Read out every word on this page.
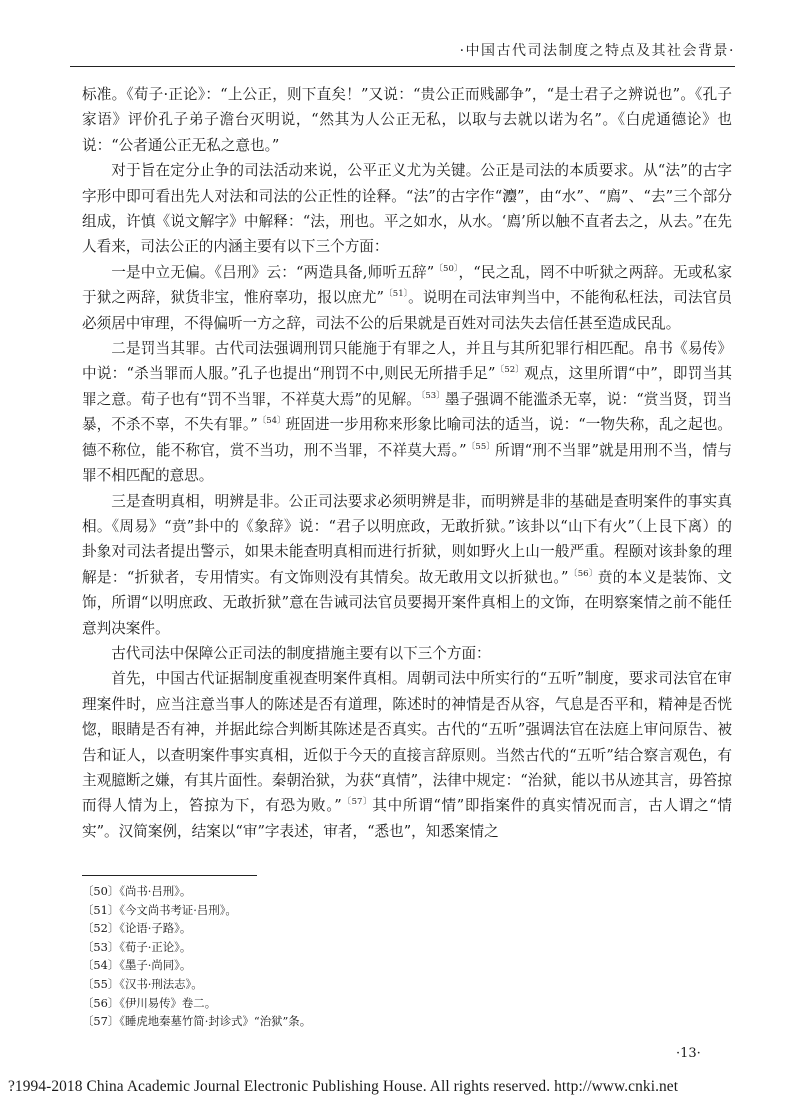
·中国古代司法制度之特点及其社会背景·

标准。《荀子·正论》：“上公正，则下直矣！”又说：“贵公正而贱鄙争”，“是士君子之辨说也”。《孔子家语》评价孔子弟子澹台灭明说，“然其为人公正无私，以取与去就以诺为名”。《白虎通德论》也说：“公者通公正无私之意也。”

对于旨在定分止争的司法活动来说，公平正义尤为关键。公正是司法的本质要求。从“法”的古字字形中即可看出先人对法和司法的公正性的诠释。“法”的古字作“灋”，由“水”、“廌”、“去”三个部分组成，许慎《说文解字》中解释：“法，刑也。平之如水，从水。‘廌’所以触不直者去之，从去。”在先人看来，司法公正的内涵主要有以下三个方面：

一是中立无偏。《吕刑》云：“两造具备,师听五辞”$^{〔50〕}$，“民之乱，罔不中听狱之两辞。无或私家于狱之两辞，狱货非宝，惟府辜功，报以庶尤”$^{〔51〕}$。说明在司法审判当中，不能徇私枉法，司法官员必须居中审理，不得偏听一方之辞，司法不公的后果就是百姓对司法失去信任甚至造成民乱。

二是罚当其罪。古代司法强调刑罚只能施于有罪之人，并且与其所犯罪行相匹配。帛书《易传》中说：“杀当罪而人服。”孔子也提出“刑罚不中,则民无所措手足”$^{〔52〕}$观点，这里所谓“中”，即罚当其罪之意。荀子也有“罚不当罪，不祥莫大焉”的见解。$^{〔53〕}$墨子强调不能滥杀无辜，说：“赏当贤，罚当暴，不杀不辜，不失有罪。”$^{〔54〕}$班固进一步用称来形象比喻司法的适当，说：“一物失称，乱之起也。德不称位，能不称官，赏不当功，刑不当罪，不祥莫大焉。”$^{〔55〕}$所谓“刑不当罪”就是用刑不当，情与罪不相匹配的意思。

三是查明真相，明辨是非。公正司法要求必须明辨是非，而明辨是非的基础是查明案件的事实真相。《周易》“贲”卦中的《象辞》说：“君子以明庶政，无敢折狱。”该卦以“山下有火”（上艮下离）的卦象对司法者提出警示，如果未能查明真相而进行折狱，则如野火上山一般严重。程颐对该卦象的理解是：“折狱者，专用情实。有文饰则没有其情矣。故无敢用文以折狱也。”$^{〔56〕}$贲的本义是装饰、文饰，所谓“以明庶政、无敢折狱”意在告诫司法官员要揭开案件真相上的文饰，在明察案情之前不能任意判决案件。

古代司法中保障公正司法的制度措施主要有以下三个方面：

首先，中国古代证据制度重视查明案件真相。周朝司法中所实行的“五听”制度，要求司法官在审理案件时，应当注意当事人的陈述是否有道理，陈述时的神情是否从容，气息是否平和，精神是否恍惚，眼睛是否有神，并据此综合判断其陈述是否真实。古代的“五听”强调法官在法庭上审问原告、被告和证人，以查明案件事实真相，近似于今天的直接言辞原则。当然古代的“五听”结合察言观色，有主观臆断之嫌，有其片面性。秦朝治狱，为获“真情”，法律中规定：“治狱，能以书从迹其言，毋笞掠而得人情为上，笞掠为下，有恐为败。”$^{〔57〕}$其中所谓“情”即指案件的真实情况而言，古人谓之“情实”。汉简案例，结案以“审”字表述，审者，“悉也”，知悉案情之

〔50〕《尚书·吕刑》。
〔51〕《今文尚书考证·吕刑》。
〔52〕《论语·子路》。
〔53〕《荀子·正论》。
〔54〕《墨子·尚同》。
〔55〕《汉书·刑法志》。
〔56〕《伊川易传》卷二。
〔57〕《睡虎地秦墓竹简·封诊式》“治狱”条。
·13·
?1994-2018 China Academic Journal Electronic Publishing House. All rights reserved. http://www.cnki.net
